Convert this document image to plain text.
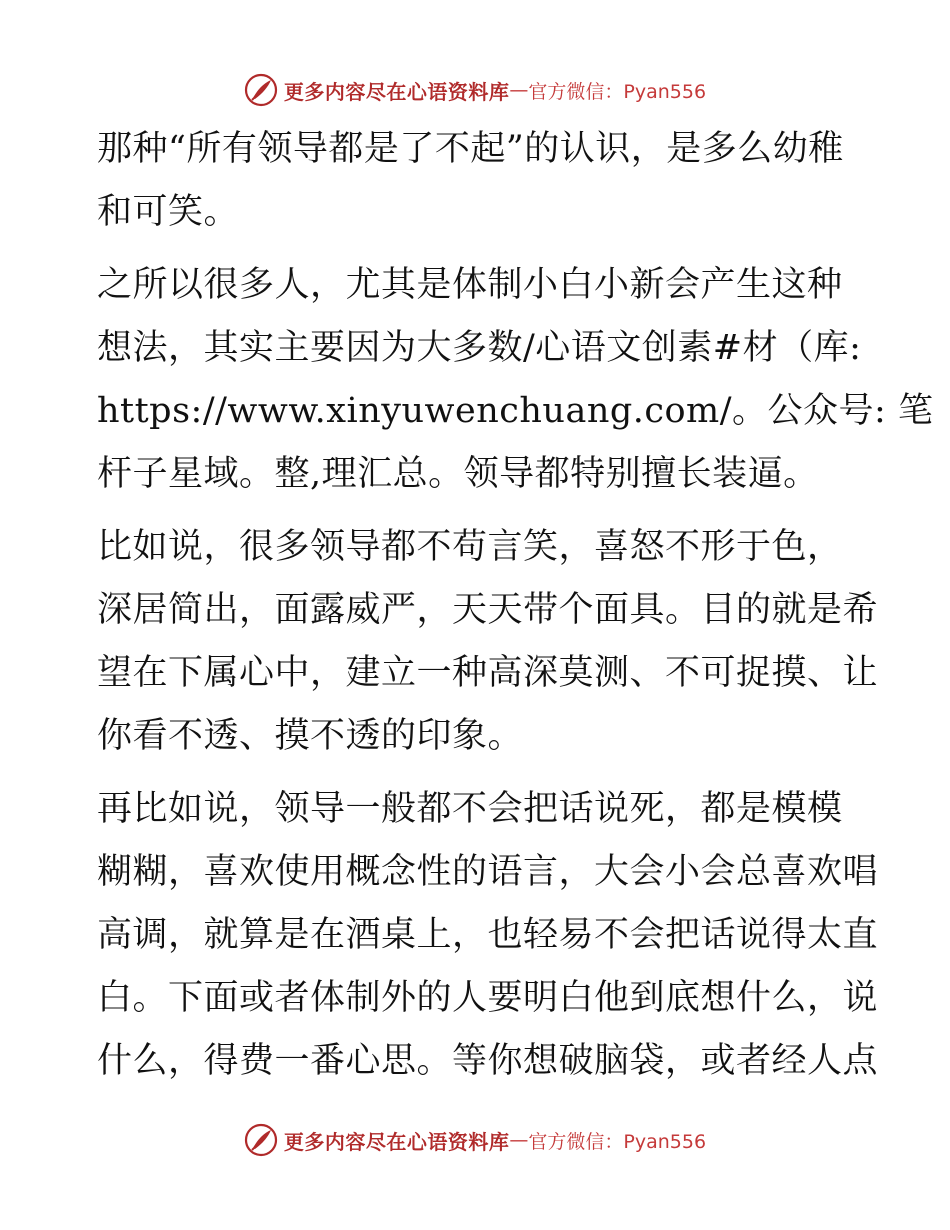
更多内容尽在心语资料库 — 官方微信：Pyan556

那种“所有领导都是了不起”的认识，是多么幼稚
和可笑。

之所以很多人，尤其是体制小白小新会产生这种
想法，其实主要因为大多数/心语文创素#材（库:
https://www.xinyuwenchuang.com/。公众号: 笔
杆子星域。整,理汇总。领导都特别擅长装逼。

比如说，很多领导都不苟言笑，喜怒不形于色，
深居简出，面露威严，天天带个面具。目的就是希
望在下属心中，建立一种高深莫测、不可捉摸、让
你看不透、摸不透的印象。

再比如说，领导一般都不会把话说死，都是模模
糊糊，喜欢使用概念性的语言，大会小会总喜欢唱
高调，就算是在酒桌上，也轻易不会把话说得太直
白。下面或者体制外的人要明白他到底想什么，说
什么，得费一番心思。等你想破脑袋，或者经人点

更多内容尽在心语资料库 — 官方微信：Pyan556
